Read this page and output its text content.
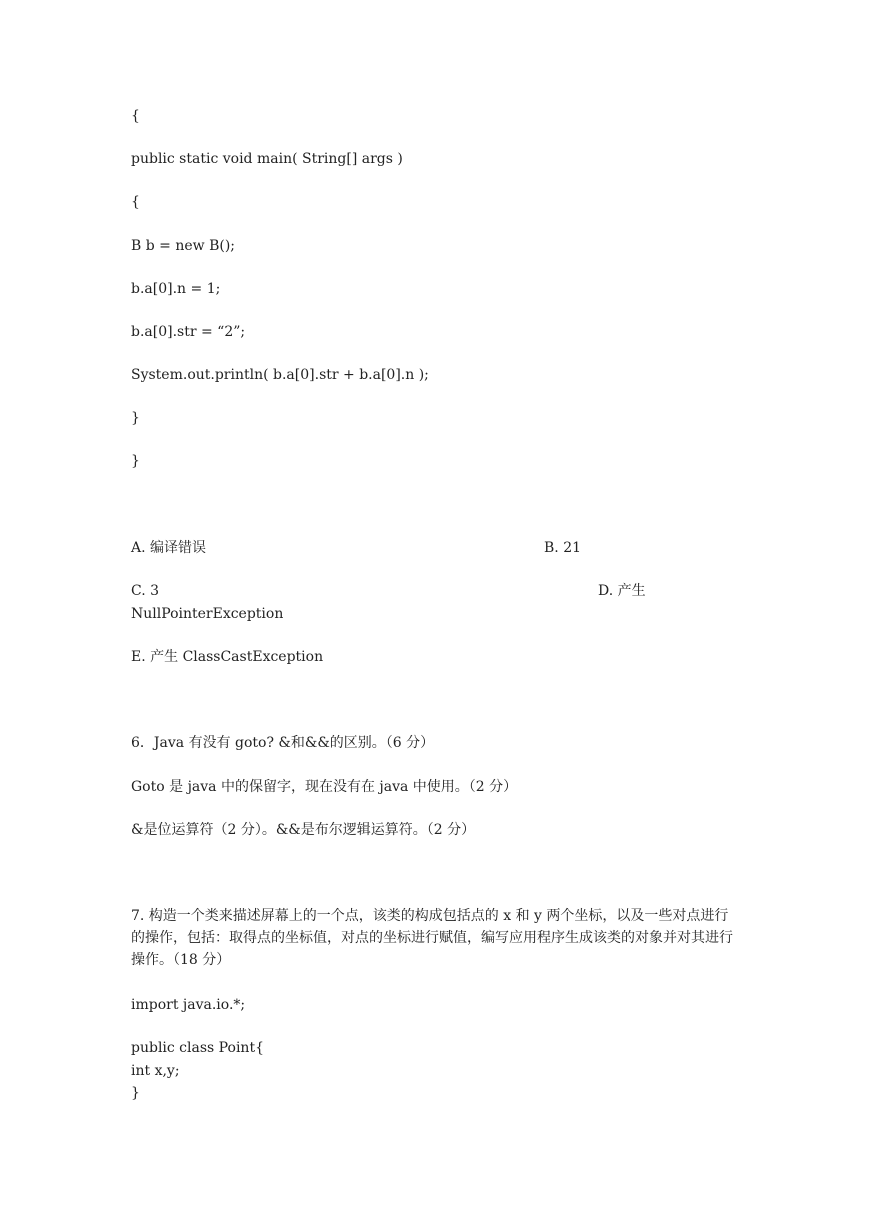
{
public static void main( String[] args )
{
B b = new B();
b.a[0].n = 1;
b.a[0].str = “2”;
System.out.println( b.a[0].str + b.a[0].n );
}
}
A. 编译错误	B. 21
C. 3	D. 产生
NullPointerException
E. 产生 ClassCastException
6．Java 有没有 goto? &和&&的区别。（6 分）
Goto 是 java 中的保留字，现在没有在 java 中使用。（2 分）
&是位运算符（2 分）。&&是布尔逻辑运算符。（2 分）
7. 构造一个类来描述屏幕上的一个点，该类的构成包括点的 x 和 y 两个坐标，以及一些对点进行的操作，包括：取得点的坐标值，对点的坐标进行赋值，编写应用程序生成该类的对象并对其进行操作。（18 分）
import java.io.*;
public class Point{
int x,y;
}
